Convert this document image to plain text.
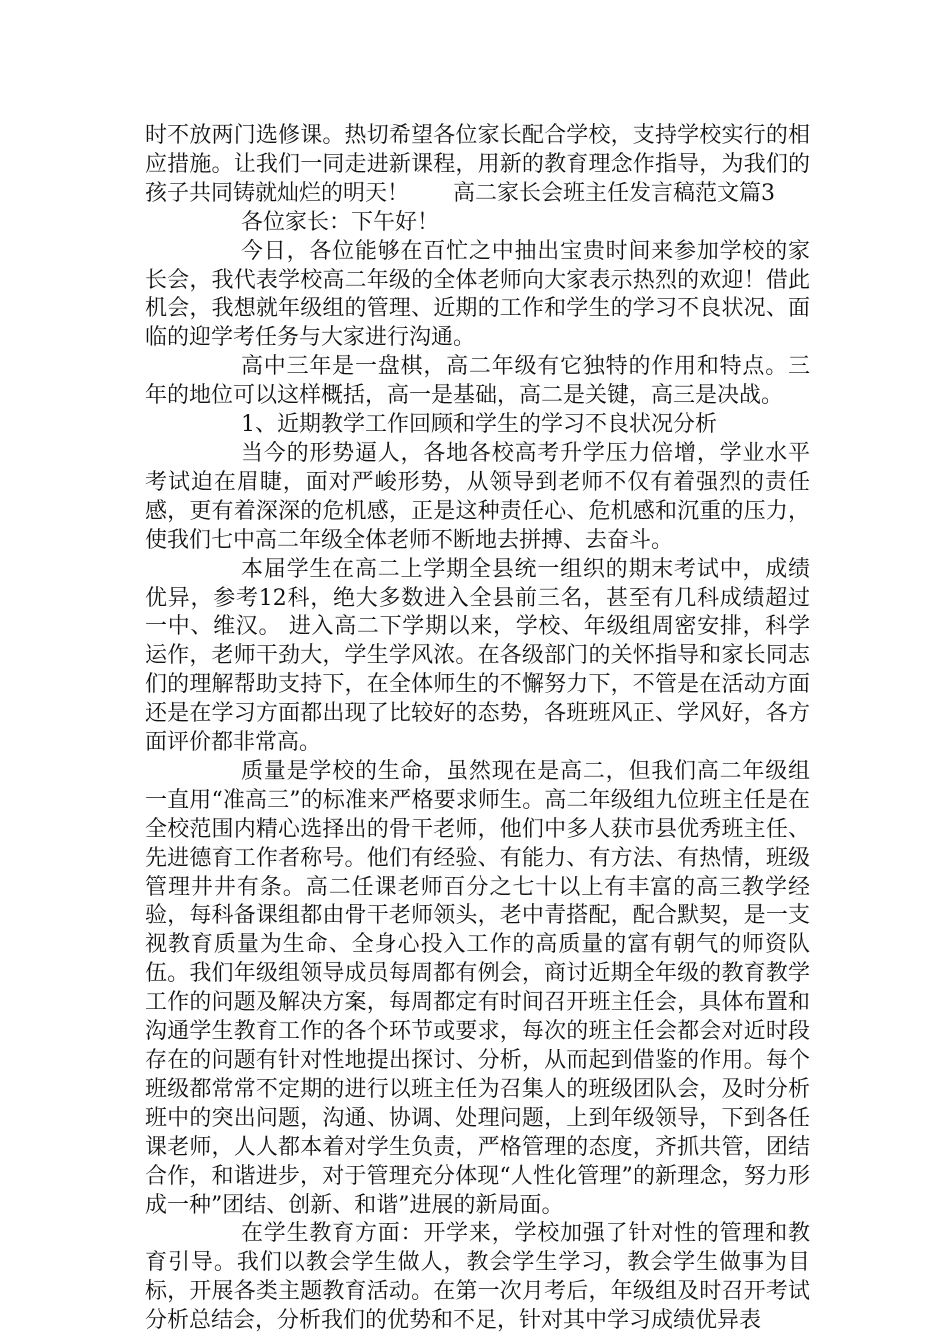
时不放两门选修课。热切希望各位家长配合学校，支持学校实行的相应措施。让我们一同走进新课程，用新的教育理念作指导，为我们的孩子共同铸就灿烂的明天！　　高二家长会班主任发言稿范文篇3

各位家长：下午好！

今日，各位能够在百忙之中抽出宝贵时间来参加学校的家长会，我代表学校高二年级的全体老师向大家表示热烈的欢迎！借此机会，我想就年级组的管理、近期的工作和学生的学习不良状况、面临的迎学考任务与大家进行沟通。

高中三年是一盘棋，高二年级有它独特的作用和特点。三年的地位可以这样概括，高一是基础，高二是关键，高三是决战。

1、近期教学工作回顾和学生的学习不良状况分析

当今的形势逼人，各地各校高考升学压力倍增，学业水平考试迫在眉睫，面对严峻形势，从领导到老师不仅有着强烈的责任感，更有着深深的危机感，正是这种责任心、危机感和沉重的压力，使我们七中高二年级全体老师不断地去拼搏、去奋斗。

本届学生在高二上学期全县统一组织的期末考试中，成绩优异，参考12科，绝大多数进入全县前三名，甚至有几科成绩超过一中、维汉。 进入高二下学期以来，学校、年级组周密安排，科学运作，老师干劲大，学生学风浓。在各级部门的关怀指导和家长同志们的理解帮助支持下，在全体师生的不懈努力下，不管是在活动方面还是在学习方面都出现了比较好的态势，各班班风正、学风好，各方面评价都非常高。

质量是学校的生命，虽然现在是高二，但我们高二年级组一直用“准高三”的标准来严格要求师生。高二年级组九位班主任是在全校范围内精心选择出的骨干老师，他们中多人获市县优秀班主任、先进德育工作者称号。他们有经验、有能力、有方法、有热情，班级管理井井有条。高二任课老师百分之七十以上有丰富的高三教学经验，每科备课组都由骨干老师领头，老中青搭配，配合默契，是一支视教育质量为生命、全身心投入工作的高质量的富有朝气的师资队伍。我们年级组领导成员每周都有例会，商讨近期全年级的教育教学工作的问题及解决方案，每周都定有时间召开班主任会，具体布置和沟通学生教育工作的各个环节或要求，每次的班主任会都会对近时段存在的问题有针对性地提出探讨、分析，从而起到借鉴的作用。每个班级都常常不定期的进行以班主任为召集人的班级团队会，及时分析班中的突出问题，沟通、协调、处理问题，上到年级领导，下到各任课老师，人人都本着对学生负责，严格管理的态度，齐抓共管，团结合作，和谐进步，对于管理充分体现“人性化管理”的新理念，努力形成一种”团结、创新、和谐”进展的新局面。

在学生教育方面：开学来，学校加强了针对性的管理和教育引导。我们以教会学生做人，教会学生学习，教会学生做事为目标，开展各类主题教育活动。在第一次月考后，年级组及时召开考试分析总结会，分析我们的优势和不足，针对其中学习成绩优异表
